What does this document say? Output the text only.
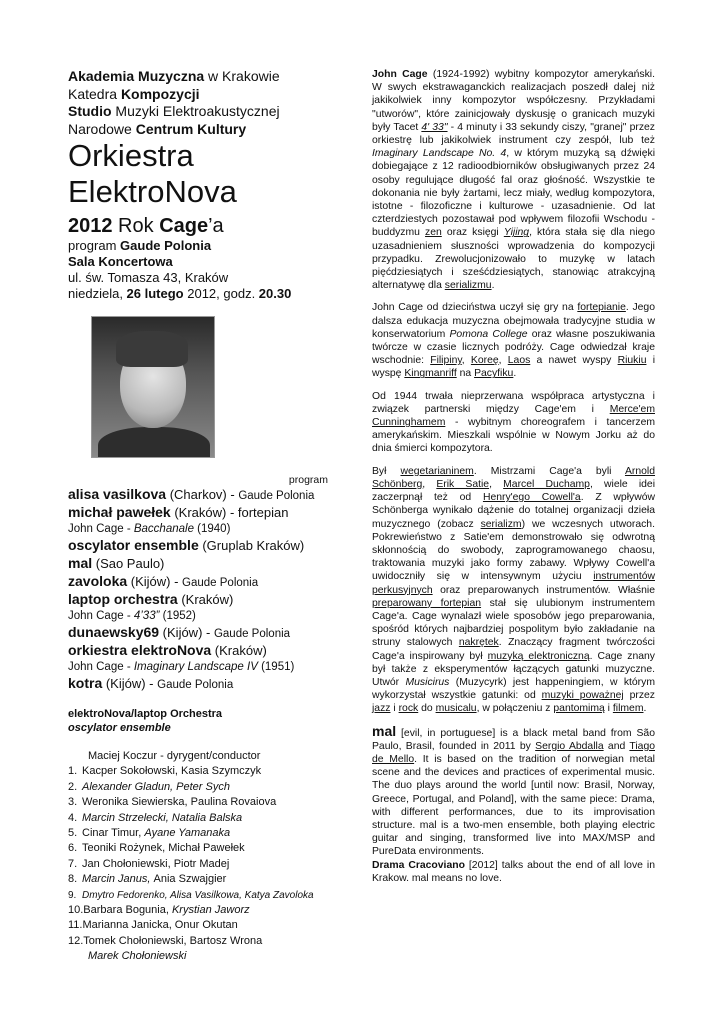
Akademia Muzyczna w Krakowie
Katedra Kompozycji
Studio Muzyki Elektroakustycznej
Narodowe Centrum Kultury
Orkiestra
ElektroNova
2012 Rok Cage’a
program Gaude Polonia
Sala Koncertowa
ul. św. Tomasza 43, Kraków
niedziela, 26 lutego 2012, godz. 20.30
program
alisa vasilkova (Charkov) - Gaude Polonia
michał pawełek (Kraków) - fortepian
John Cage - Bacchanale (1940)
oscylator ensemble (Gruplab Kraków)
mal (Sao Paulo)
zavoloka (Kijów) - Gaude Polonia
laptop orchestra (Kraków)
John Cage - 4’33” (1952)
dunaewsky69 (Kijów) - Gaude Polonia
orkiestra elektroNova (Kraków)
John Cage - Imaginary Landscape IV (1951)
kotra (Kijów) - Gaude Polonia
elektroNova/laptop Orchestra
oscylator ensemble
Maciej Koczur - dyrygent/conductor
1. Kacper Sokołowski, Kasia Szymczyk
2. Alexander Gladun, Peter Sych
3. Weronika Siewierska, Paulina Rovaiova
4. Marcin Strzelecki, Natalia Balska
5. Cinar Timur, Ayane Yamanaka
6. Teoniki Rożynek, Michał Pawełek
7. Jan Chołoniewski, Piotr Madej
8. Marcin Janus, Ania Szwajgier
9. Dmytro Fedorenko, Alisa Vasilkowa, Katya Zavoloka
10.Barbara Bogunia, Krystian Jaworz
11.Marianna Janicka, Onur Okutan
12.Tomek Chołoniewski, Bartosz Wrona
Marek Chołoniewski

John Cage (1924-1992) wybitny kompozytor amerykański. W swych ekstrawaganckich realizacjach poszedł dalej niż jakikolwiek inny kompozytor współczesny. Przykładami "utworów", które zainicjowały dyskusję o granicach muzyki były Tacet 4' 33" - 4 minuty i 33 sekundy ciszy, "granej" przez orkiestrę lub jakikolwiek instrument czy zespół, lub też Imaginary Landscape No. 4, w którym muzyką są dźwięki dobiegające z 12 radioodbiorników obsługiwanych przez 24 osoby regulujące długość fal oraz głośność. Wszystkie te dokonania nie były żartami, lecz miały, według kompozytora, istotne - filozoficzne i kulturowe - uzasadnienie. Od lat czterdziestych pozostawał pod wpływem filozofii Wschodu - buddyzmu zen oraz księgi Yijing, która stała się dla niego uzasadnieniem słuszności wprowadzenia do kompozycji przypadku. Zrewolucjonizowało to muzykę w latach pięćdziesiątych i sześćdziesiątych, stanowiąc atrakcyjną alternatywę dla serializmu.

John Cage od dzieciństwa uczył się gry na fortepianie. Jego dalsza edukacja muzyczna obejmowała tradycyjne studia w konserwatorium Pomona College oraz własne poszukiwania twórcze w czasie licznych podróży. Cage odwiedzał kraje wschodnie: Filipiny, Koreę, Laos a nawet wyspy Riukiu i wyspę Kingmanriff na Pacyfiku.

Od 1944 trwała nieprzerwana współpraca artystyczna i związek partnerski między Cage'em i Merce'em Cunninghamem - wybitnym choreografem i tancerzem amerykańskim. Mieszkali wspólnie w Nowym Jorku aż do dnia śmierci kompozytora.

Był wegetarianinem. Mistrzami Cage'a byli Arnold Schönberg, Erik Satie, Marcel Duchamp, wiele idei zaczerpnął też od Henry'ego Cowell'a. Z wpływów Schönberga wynikało dążenie do totalnej organizacji dzieła muzycznego (zobacz serializm) we wczesnych utworach. Pokrewieństwo z Satie'em demonstrowało się odwrotną skłonnością do swobody, zaprogramowanego chaosu, traktowania muzyki jako formy zabawy. Wpływy Cowell'a uwidoczniły się w intensywnym użyciu instrumentów perkusyjnych oraz preparowanych instrumentów. Właśnie preparowany fortepian stał się ulubionym instrumentem Cage'a. Cage wynalazł wiele sposobów jego preparowania, spośród których najbardziej pospolitym było zakładanie na struny stalowych nakrętek. Znaczący fragment twórczości Cage'a inspirowany był muzyką elektroniczną. Cage znany był także z eksperymentów łączących gatunki muzyczne. Utwór Musicirus (Muzycyrk) jest happeningiem, w którym wykorzystał wszystkie gatunki: od muzyki poważnej przez jazz i rock do musicalu, w połączeniu z pantomimą i filmem.

mal [evil, in portuguese] is a black metal band from São Paulo, Brasil, founded in 2011 by Sergio Abdalla and Tiago de Mello. It is based on the tradition of norwegian metal scene and the devices and practices of experimental music. The duo plays around the world [until now: Brasil, Norway, Greece, Portugal, and Poland], with the same piece: Drama, with different performances, due to its improvisation structure. mal is a two-men ensemble, both playing electric guitar and singing, transformed live into MAX/MSP and PureData environments.

Drama Cracoviano [2012] talks about the end of all love in Krakow. mal means no love.
